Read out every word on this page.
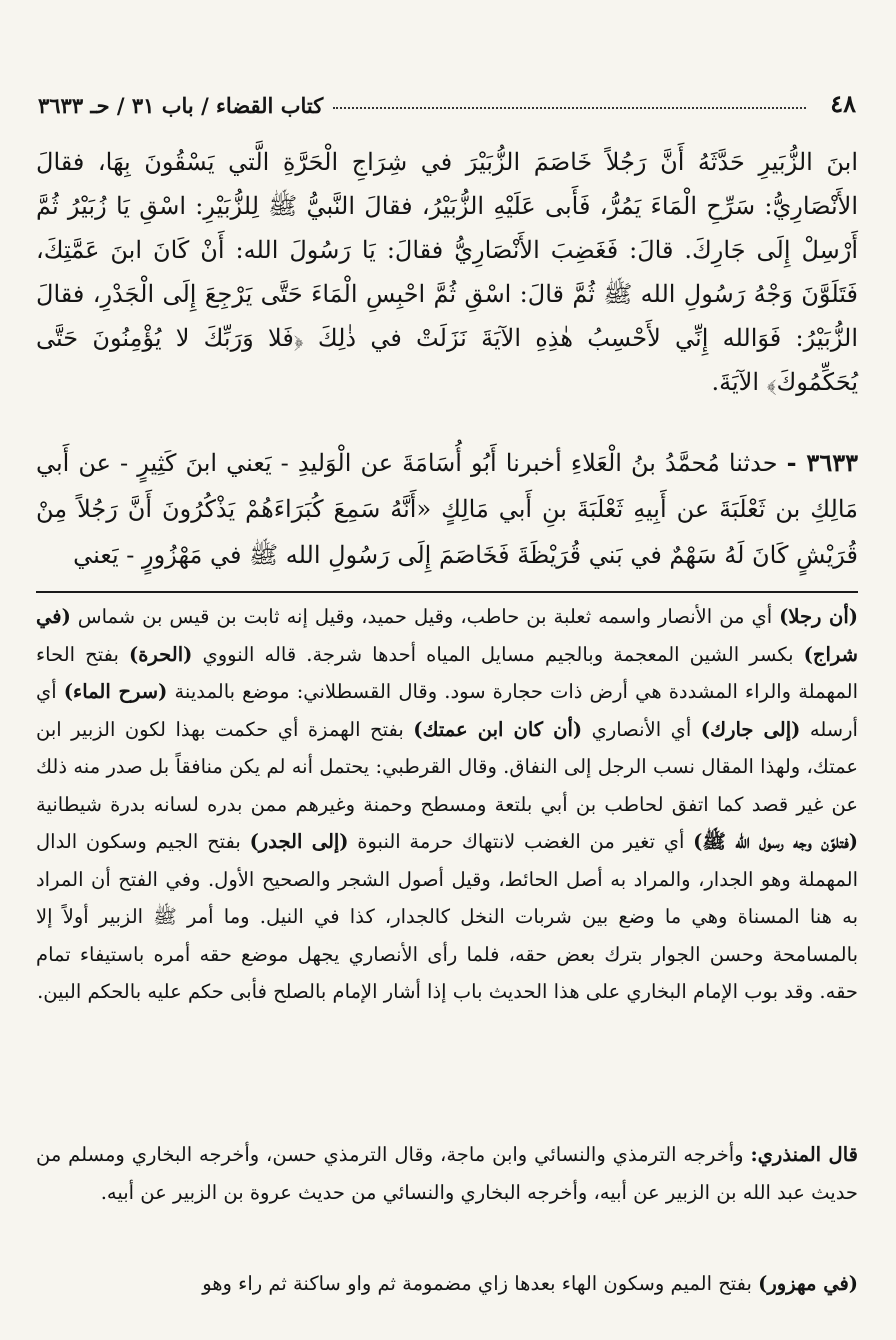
٤٨
كتاب القضاء / باب ٣١ / حـ ٣٦٣٣

ابنَ الزُّبَيرِ حَدَّثَهُ أَنَّ رَجُلاً خَاصَمَ الزُّبَيْرَ في شِرَاجِ الْحَرَّةِ الَّتي يَسْقُونَ بِهَا، فقالَ الأَنْصَارِيُّ: سَرِّحِ الْمَاءَ يَمُرُّ، فَأَبى عَلَيْهِ الزُّبَيْرُ، فقالَ النَّبيُّ ﷺ لِلزُّبَيْرِ: اسْقِ يَا زُبَيْرُ ثُمَّ أَرْسِلْ إِلَى جَارِكَ. قالَ: فَغَضِبَ الأَنْصَارِيُّ فقالَ: يَا رَسُولَ الله: أَنْ كَانَ ابنَ عَمَّتِكَ، فَتَلَوَّنَ وَجْهُ رَسُولِ الله ﷺ ثُمَّ قالَ: اسْقِ ثُمَّ احْبِسِ الْمَاءَ حَتَّى يَرْجِعَ إِلَى الْجَدْرِ، فقالَ الزُّبَيْرُ: فَوَالله إِنِّي لأَحْسِبُ هٰذِهِ الآيَةَ نَزَلَتْ في ذٰلِكَ ﴿فَلا وَرَبِّكَ لا يُؤْمِنُونَ حَتَّى يُحَكِّمُوكَ﴾ الآيَةَ.

٣٦٣٣ - حدثنا مُحمَّدُ بنُ الْعَلاءِ أخبرنا أَبُو أُسَامَةَ عن الْوَليدِ - يَعني ابنَ كَثِيرٍ - عن أَبي مَالِكِ بن ثَعْلَبَةَ عن أَبِيهِ ثَعْلَبَةَ بنِ أَبي مَالِكٍ «أَنَّهُ سَمِعَ كُبَرَاءَهُمْ يَذْكُرُونَ أَنَّ رَجُلاً مِنْ قُرَيْشٍ كَانَ لَهُ سَهْمٌ في بَني قُرَيْظَةَ فَخَاصَمَ إِلَى رَسُولِ الله ﷺ في مَهْزُورٍ - يَعني

(أن رجلا) أي من الأنصار واسمه ثعلبة بن حاطب، وقيل حميد، وقيل إنه ثابت بن قيس بن شماس (في شراج) بكسر الشين المعجمة وبالجيم مسايل المياه أحدها شرجة. قاله النووي (الحرة) بفتح الحاء المهملة والراء المشددة هي أرض ذات حجارة سود. وقال القسطلاني: موضع بالمدينة (سرح الماء) أي أرسله (إلى جارك) أي الأنصاري (أن كان ابن عمتك) بفتح الهمزة أي حكمت بهذا لكون الزبير ابن عمتك، ولهذا المقال نسب الرجل إلى النفاق. وقال القرطبي: يحتمل أنه لم يكن منافقاً بل صدر منه ذلك عن غير قصد كما اتفق لحاطب بن أبي بلتعة ومسطح وحمنة وغيرهم ممن بدره لسانه بدرة شيطانية (فتلوّن وجه رسول الله ﷺ) أي تغير من الغضب لانتهاك حرمة النبوة (إلى الجدر) بفتح الجيم وسكون الدال المهملة وهو الجدار، والمراد به أصل الحائط، وقيل أصول الشجر والصحيح الأول. وفي الفتح أن المراد به هنا المسناة وهي ما وضع بين شربات النخل كالجدار، كذا في النيل. وما أمر ﷺ الزبير أولاً إلا بالمسامحة وحسن الجوار بترك بعض حقه، فلما رأى الأنصاري يجهل موضع حقه أمره باستيفاء تمام حقه. وقد بوب الإمام البخاري على هذا الحديث باب إذا أشار الإمام بالصلح فأبى حكم عليه بالحكم البين.

قال المنذري: وأخرجه الترمذي والنسائي وابن ماجة، وقال الترمذي حسن، وأخرجه البخاري ومسلم من حديث عبد الله بن الزبير عن أبيه، وأخرجه البخاري والنسائي من حديث عروة بن الزبير عن أبيه.

(في مهزور) بفتح الميم وسكون الهاء بعدها زاي مضمومة ثم واو ساكنة ثم راء وهو
